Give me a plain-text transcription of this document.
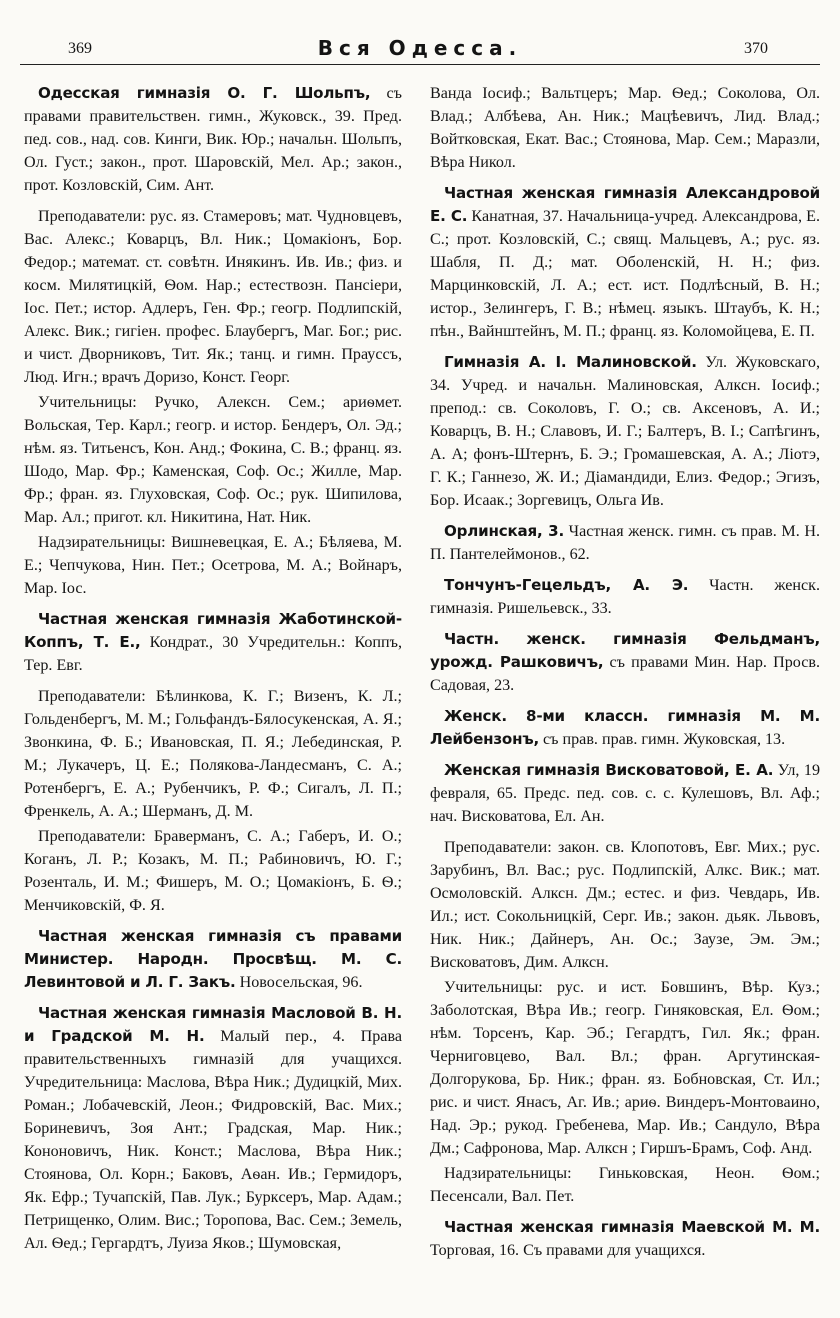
369	Вся Одесса.	370

Одесская гимназія О. Г. Шольпъ, съ правами правительствен. гимн., Жуковск., 39. Пред. пед. сов., над. сов. Кинги, Вик. Юр.; начальн. Шольпъ, Ол. Густ.; закон., прот. Шаровскій, Мел. Ар.; закон., прот. Козловскій, Сим. Ант.

Преподаватели: рус. яз. Стамеровъ; мат. Чудновцевъ, Вас. Алекс.; Коварцъ, Вл. Ник.; Цомакіонъ, Бор. Федор.; математ. ст. совѣтн. Инякинъ. Ив. Ив.; физ. и косм. Милятицкій, Ѳом. Нар.; естествозн. Пансіери, Іос. Пет.; истор. Адлеръ, Ген. Фр.; геогр. Подлипскій, Алекс. Вик.; гигіен. профес. Блаубергъ, Маг. Бог.; рис. и чист. Дворниковъ, Тит. Як.; танц. и гимн. Праусcъ, Люд. Игн.; врачъ Доризо, Конст. Георг.

Учительницы: Ручко, Алексн. Сем.; ариѳмет. Вольская, Тер. Карл.; геогр. и истор. Бендеръ, Ол. Эд.; нѣм. яз. Титьенсъ, Кон. Анд.; Фокина, С. В.; франц. яз. Шодо, Мар. Фр.; Каменская, Соф. Ос.; Жилле, Мар. Фр.; фран. яз. Глуховская, Соф. Ос.; рук. Шипилова, Мар. Ал.; пригот. кл. Никитина, Нат. Ник.

Надзирательницы: Вишневецкая, Е. А.; Бѣляева, М. Е.; Чепчукова, Нин. Пет.; Осетрова, М. А.; Войнаръ, Мар. Іос.

Частная женская гимназія Жаботинской-Коппъ, Т. Е., Кондрат., 30 Учредительн.: Коппъ, Тер. Евг.

Преподаватели: Бѣлинкова, К. Г.; Визенъ, К. Л.; Гольденбергъ, М. М.; Гольфандъ-Бялосукенская, А. Я.; Звонкина, Ф. Б.; Ивановская, П. Я.; Лебединская, Р. М.; Лукачеръ, Ц. Е.; Полякова-Ландесманъ, С. А.; Ротенбергъ, Е. А.; Рубенчикъ, Р. Ф.; Сигалъ, Л. П.; Френкель, А. А.; Шерманъ, Д. М.

Преподаватели: Браверманъ, С. А.; Габеръ, И. О.; Коганъ, Л. Р.; Козакъ, М. П.; Рабиновичъ, Ю. Г.; Розенталь, И. М.; Фишеръ, М. О.; Цомакіонъ, Б. Ѳ.; Менчиковскій, Ф. Я.

Частная женская гимназія съ правами Министер. Народн. Просвѣщ. М. С. Левинтовой и Л. Г. Закъ. Новосельская, 96.

Частная женская гимназія Масловой В. Н. и Градской М. Н. Малый пер., 4. Права правительственныхъ гимназій для учащихся. Учредительница: Маслова, Вѣра Ник.; Дудицкій, Мих. Роман.; Лобачевскій, Леон.; Фидровскій, Вас. Мих.; Бориневичъ, Зоя Ант.; Градская, Мар. Ник.; Кононовичъ, Ник. Конст.; Маслова, Вѣра Ник.; Стоянова, Ол. Корн.; Баковъ, Аѳан. Ив.; Гермидоръ, Як. Ефр.; Тучапскій, Пав. Лук.; Буркcеръ, Мар. Адам.; Петрищенко, Олим. Вис.; Торопова, Вас. Сем.; Земель, Ал. Ѳед.; Гергардтъ, Луиза Яков.; Шумовская,

Ванда Іосиф.; Вальтцеръ; Мар. Ѳед.; Соколова, Ол. Влад.; Албѣева, Ан. Ник.; Мацѣевичъ, Лид. Влад.; Войтковская, Екат. Вас.; Стоянова, Мар. Сем.; Маразли, Вѣра Никол.

Частная женская гимназія Александровой Е. С. Канатная, 37. Начальница-учред. Александрова, Е. С.; прот. Козловскій, С.; свящ. Мальцевъ, А.; рус. яз. Шабля, П. Д.; мат. Оболенскій, Н. Н.; физ. Марцинковскій, Л. А.; ест. ист. Подлѣсный, В. Н.; истор., Зелингеръ, Г. В.; нѣмец. языкъ. Штаубъ, К. Н.; пѣн., Вайнштейнъ, М. П.; франц. яз. Коломойцева, Е. П.

Гимназія А. І. Малиновской. Ул. Жуковскаго, 34. Учред. и начальн. Малиновская, Алксн. Іосиф.; препод.: св. Соколовъ, Г. О.; св. Аксеновъ, А. И.; Коварцъ, В. Н.; Славовъ, И. Г.; Балтеръ, В. І.; Сапѣгинъ, А. А; фонъ-Штернъ, Б. Э.; Громашевская, А. А.; Ліотэ, Г. К.; Ганнезо, Ж. И.; Діамандиди, Елиз. Федор.; Эгизъ, Бор. Исаак.; Зоргевицъ, Ольга Ив.

Орлинская, 3. Частная женск. гимн. съ прав. М. Н. П. Пантелеймонов., 62.

Тончунъ-Гецельдъ, А. Э. Частн. женск. гимназія. Ришельевск., 33.

Частн. женск. гимназія Фельдманъ, урожд. Рашковичъ, съ правами Мин. Нар. Просв. Садовая, 23.

Женск. 8-ми классн. гимназія М. М. Лейбензонъ, съ прав. прав. гимн. Жуковская, 13.

Женская гимназія Висковатовой, Е. А. Ул, 19 февраля, 65. Предс. пед. сов. с. с. Кулешовъ, Вл. Аф.; нач. Висковатова, Ел. Ан.

Преподаватели: закон. св. Клопотовъ, Евг. Мих.; рус. Зарубинъ, Вл. Вас.; рус. Подлипскій, Алкс. Вик.; мат. Осмоловскій. Алксн. Дм.; естес. и физ. Чевдарь, Ив. Ил.; ист. Сокольницкій, Серг. Ив.; закон. дьяк. Львовъ, Ник. Ник.; Дайнеръ, Ан. Ос.; Заузе, Эм. Эм.; Висковатовъ, Дим. Алксн.

Учительницы: рус. и ист. Бовшинъ, Вѣр. Куз.; Заболотская, Вѣра Ив.; геогр. Гиняковская, Ел. Ѳом.; нѣм. Торсенъ, Кар. Эб.; Гегардтъ, Гил. Як.; фран. Черниговцево, Вал. Вл.; фран. Аргутинская-Долгорукова, Бр. Ник.; фран. яз. Бобновская, Ст. Ил.; рис. и чист. Янасъ, Аг. Ив.; ариѳ. Виндеръ-Монтоваино, Над. Эр.; рукод. Гребенева, Мар. Ив.; Сандуло, Вѣра Дм.; Сафронова, Мар. Алксн ; Гиршъ-Брамъ, Соф. Анд.

Надзирательницы: Гиньковская, Неон. Ѳом.; Песенсали, Вал. Пет.

Частная женская гимназія Маевской М. М. Торговая, 16. Съ правами для учащихся.
